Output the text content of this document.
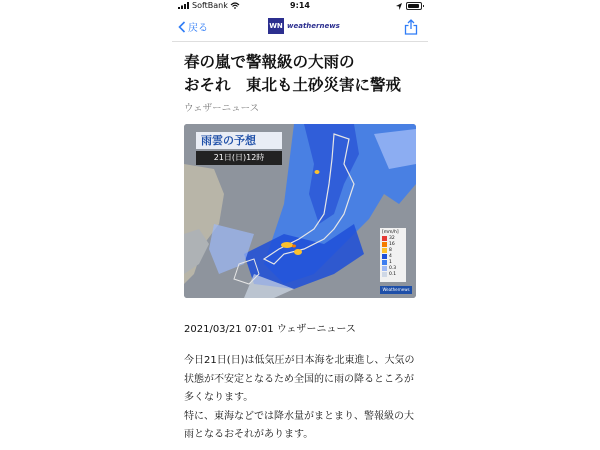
SoftBank	9:14
戻る	WN weathernews
春の嵐で警報級の大雨の
おそれ　東北も土砂災害に警戒
ウェザーニュース
雨雲の予想
21日(日)12時
[mm/h]
32
16
8
4
1
0.3
0.1
Weathernews
2021/03/21 07:01 ウェザーニュース

今日21日(日)は低気圧が日本海を北東進し、大気の状態が不安定となるため全国的に雨の降るところが多くなります。
特に、東海などでは降水量がまとまり、警報級の大雨となるおそれがあります。
